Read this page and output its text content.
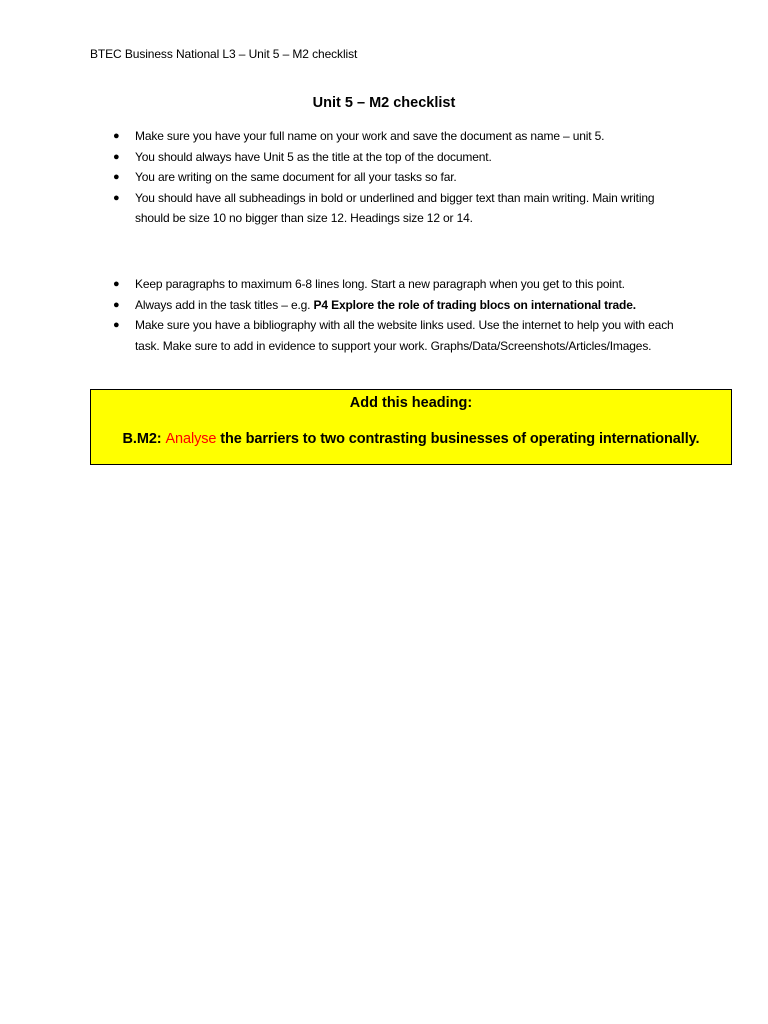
BTEC Business National L3 – Unit 5 – M2 checklist
Unit 5 – M2 checklist
● Make sure you have your full name on your work and save the document as name – unit 5.
● You should always have Unit 5 as the title at the top of the document.
● You are writing on the same document for all your tasks so far.
● You should have all subheadings in bold or underlined and bigger text than main writing. Main writing should be size 10 no bigger than size 12. Headings size 12 or 14.
● Keep paragraphs to maximum 6-8 lines long. Start a new paragraph when you get to this point.
● Always add in the task titles – e.g. P4 Explore the role of trading blocs on international trade.
● Make sure you have a bibliography with all the website links used. Use the internet to help you with each task. Make sure to add in evidence to support your work. Graphs/Data/Screenshots/Articles/Images.
Add this heading:
B.M2: Analyse the barriers to two contrasting businesses of operating internationally.
